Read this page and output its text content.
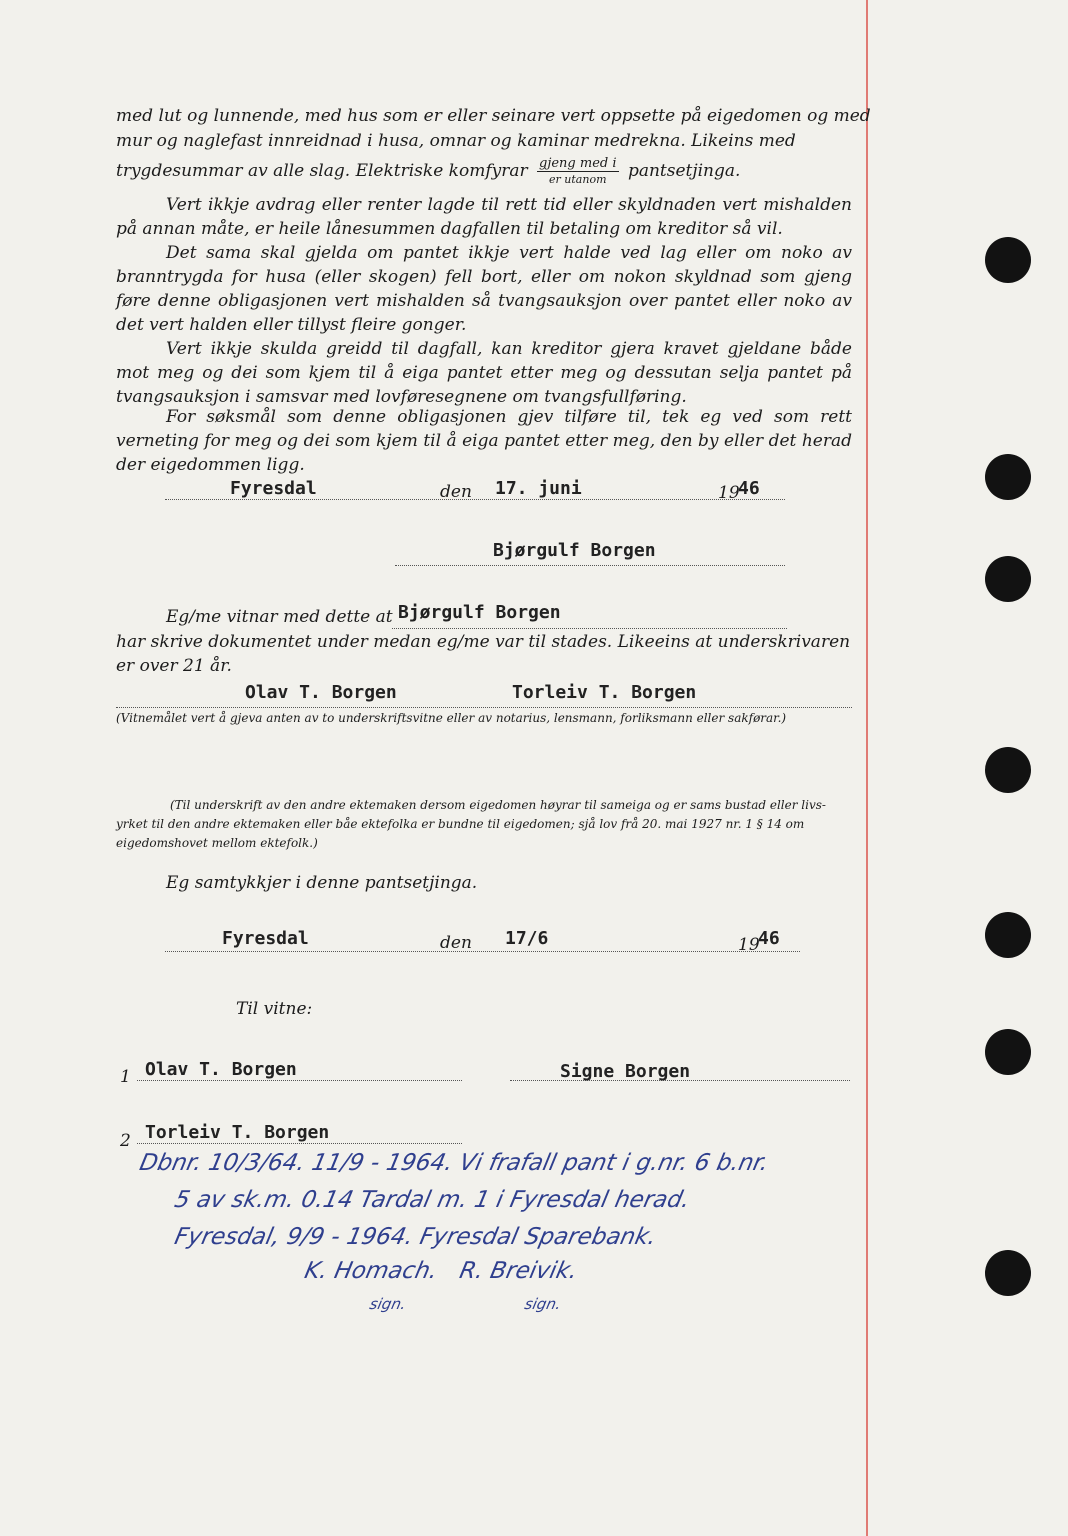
med lut og lunnende, med hus som er eller seinare vert oppsette på eigedomen og med
mur og naglefast innreidnad i husa, omnar og kaminar medrekna. Likeins med
trygdesummar av alle slag. Elektriske komfyrar $\frac{\text{gjeng med i}}{\text{er utanom}}$ pantsetjinga.
Vert ikkje avdrag eller renter lagde til rett tid eller skyldnaden vert mishalden på annan måte, er heile lånesummen dagfallen til betaling om kreditor så vil.
Det sama skal gjelda om pantet ikkje vert halde ved lag eller om noko av branntrygda for husa (eller skogen) fell bort, eller om nokon skyldnad som gjeng føre denne obligasjonen vert mishalden så tvangsauksjon over pantet eller noko av det vert halden eller tillyst fleire gonger.
Vert ikkje skulda greidd til dagfall, kan kreditor gjera kravet gjeldane både mot meg og dei som kjem til å eiga pantet etter meg og dessutan selja pantet på tvangsauksjon i samsvar med lovføresegnene om tvangsfullføring.
For søksmål som denne obligasjonen gjev tilføre til, tek eg ved som rett verneting for meg og dei som kjem til å eiga pantet etter meg, den by eller det herad der eigedommen ligg.
Fyresdal	den 17. juni	19
46
Bjørgulf Borgen
Eg/me vitnar med dette at Bjørgulf Borgen
har skrive dokumentet under medan eg/me var til stades. Likeeins at underskrivaren
er over 21 år.
Olav T. Borgen	Torleiv T. Borgen
(Vitnemålet vert å gjeva anten av to underskriftsvitne eller av notarius, lensmann, forliksmann eller sakførar.)
(Til underskrift av den andre ektemaken dersom eigedomen høyrar til sameiga og er sams bustad eller livs-
yrket til den andre ektemaken eller båe ektefolka er bundne til eigedomen; sjå lov frå 20. mai 1927 nr. 1 § 14 om
eigedomshovet mellom ektefolk.)
Eg samtykkjer i denne pantsetjinga.
Fyresdal	den 17/6	19
46
Til vitne:
1 Olav T. Borgen	Signe Borgen
2 Torleiv T. Borgen
Dbnr. 10/3/64. 11/9 - 1964. Vi frafall pant i g.nr. 6 b.nr.
5 av sk.m. 0.14 Tardal m. 1 i Fyresdal herad.
Fyresdal, 9/9 - 1964. Fyresdal Sparebank.
K. Homach. R. Breivik.
sign.	sign.
